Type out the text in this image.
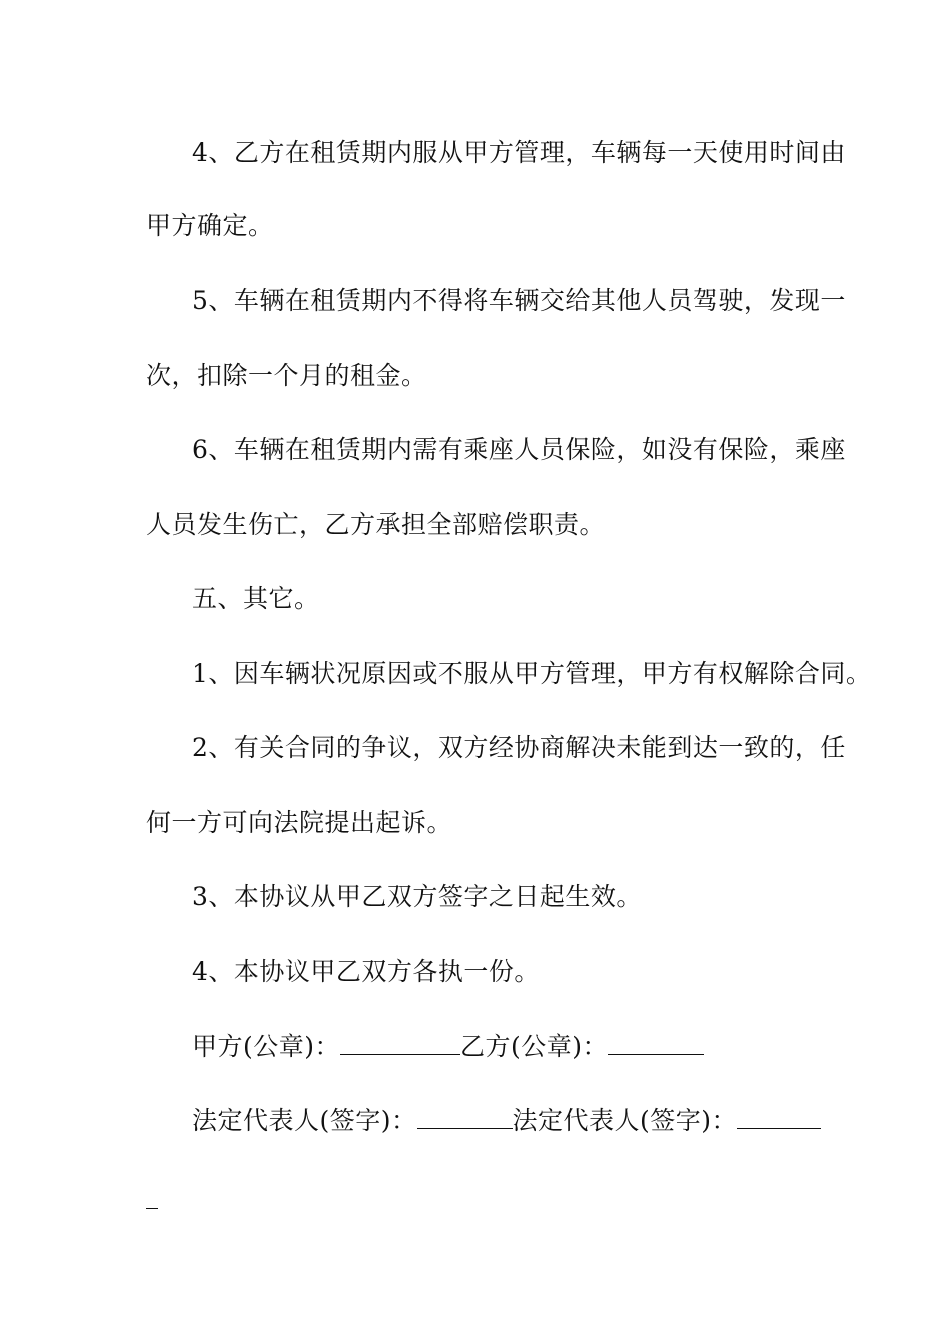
4、乙方在租赁期内服从甲方管理，车辆每一天使用时间由
甲方确定。
5、车辆在租赁期内不得将车辆交给其他人员驾驶，发现一
次，扣除一个月的租金。
6、车辆在租赁期内需有乘座人员保险，如没有保险，乘座
人员发生伤亡，乙方承担全部赔偿职责。
五、其它。
1、因车辆状况原因或不服从甲方管理，甲方有权解除合同。
2、有关合同的争议，双方经协商解决未能到达一致的，任
何一方可向法院提出起诉。
3、本协议从甲乙双方签字之日起生效。
4、本协议甲乙双方各执一份。
甲方(公章)：	乙方(公章)：
法定代表人(签字)：	法定代表人(签字)：
